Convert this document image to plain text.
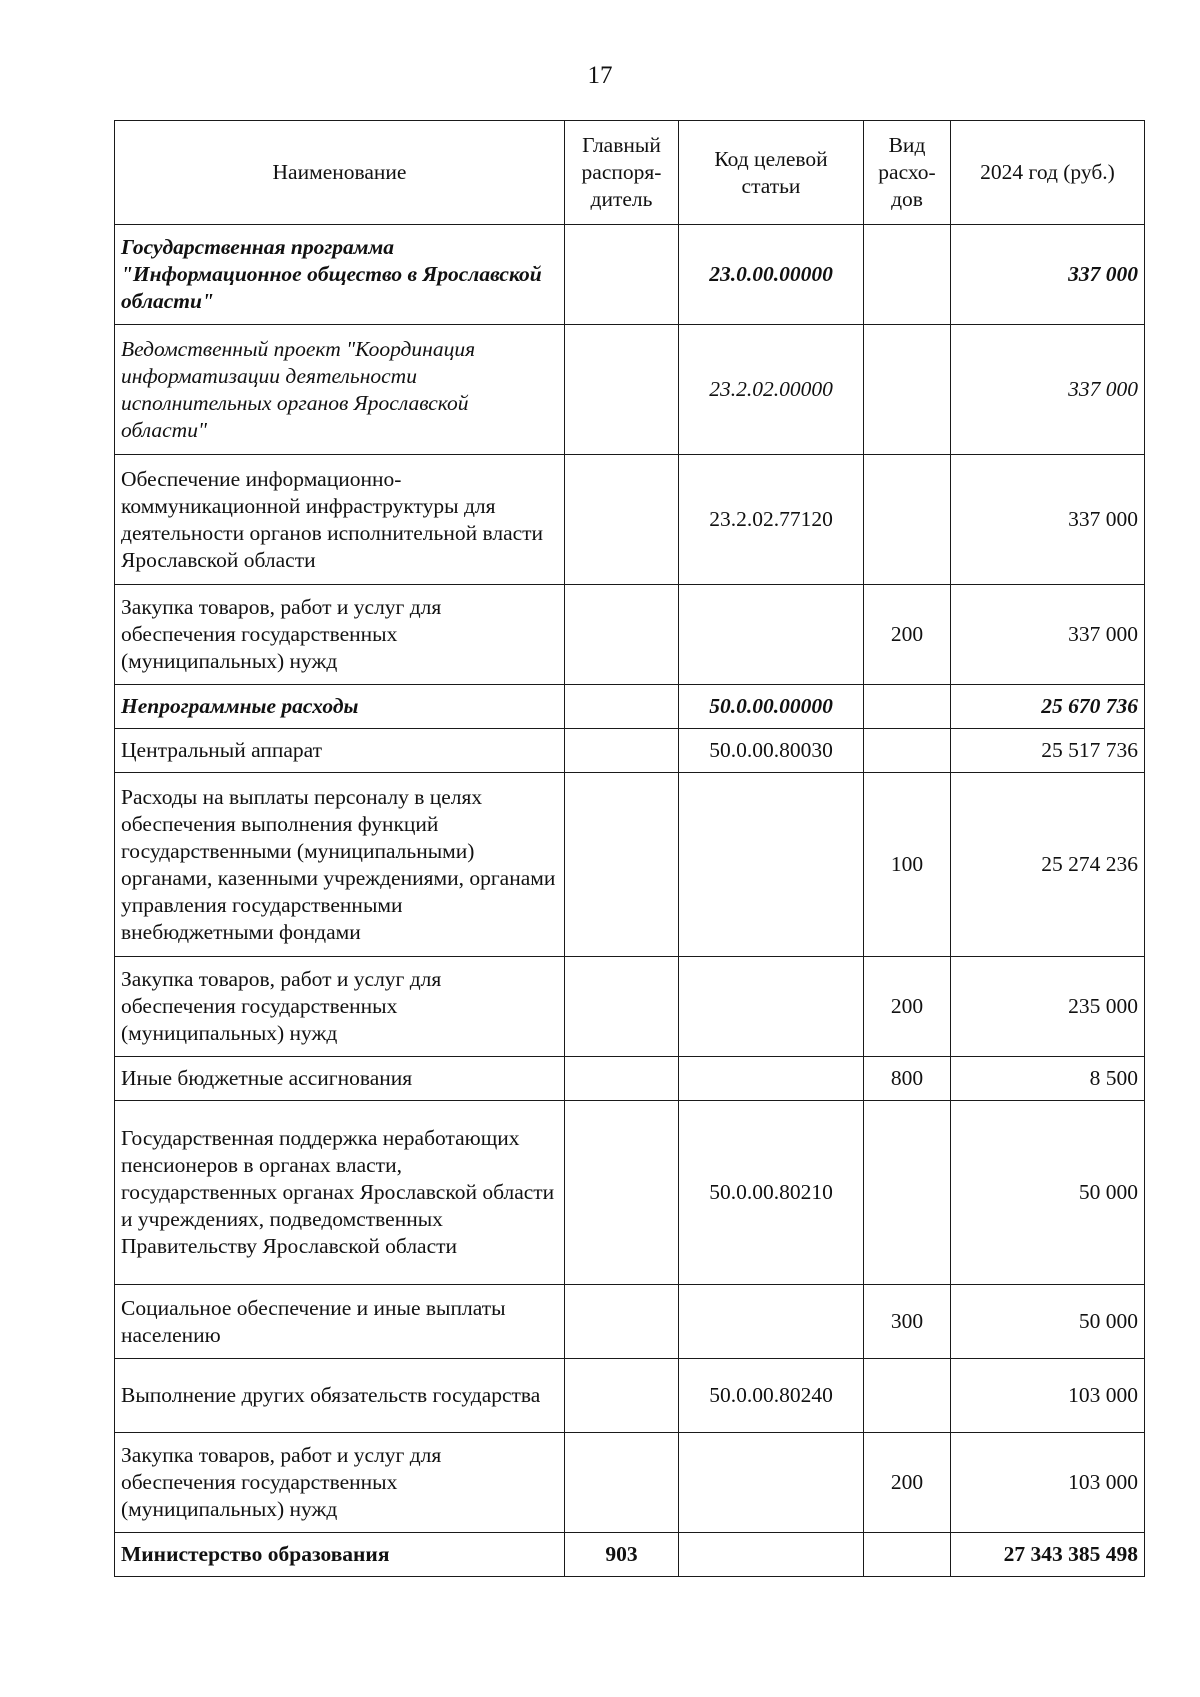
17
Наименование	Главный распоря-дитель	Код целевой статьи	Вид расхо-дов	2024 год (руб.)
Государственная программа "Информационное общество в Ярославской области"		23.0.00.00000		337 000
Ведомственный проект "Координация информатизации деятельности исполнительных органов Ярославской области"		23.2.02.00000		337 000
Обеспечение информационно-коммуникационной инфраструктуры для деятельности органов исполнительной власти Ярославской области		23.2.02.77120		337 000
Закупка товаров, работ и услуг для обеспечения государственных (муниципальных) нужд			200	337 000
Непрограммные расходы		50.0.00.00000		25 670 736
Центральный аппарат		50.0.00.80030		25 517 736
Расходы на выплаты персоналу в целях обеспечения выполнения функций государственными (муниципальными) органами, казенными учреждениями, органами управления государственными внебюджетными фондами			100	25 274 236
Закупка товаров, работ и услуг для обеспечения государственных (муниципальных) нужд			200	235 000
Иные бюджетные ассигнования			800	8 500
Государственная поддержка неработающих пенсионеров в органах власти, государственных органах Ярославской области и учреждениях, подведомственных Правительству Ярославской области		50.0.00.80210		50 000
Социальное обеспечение и иные выплаты населению			300	50 000
Выполнение других обязательств государства		50.0.00.80240		103 000
Закупка товаров, работ и услуг для обеспечения государственных (муниципальных) нужд			200	103 000
Министерство образования	903			27 343 385 498
